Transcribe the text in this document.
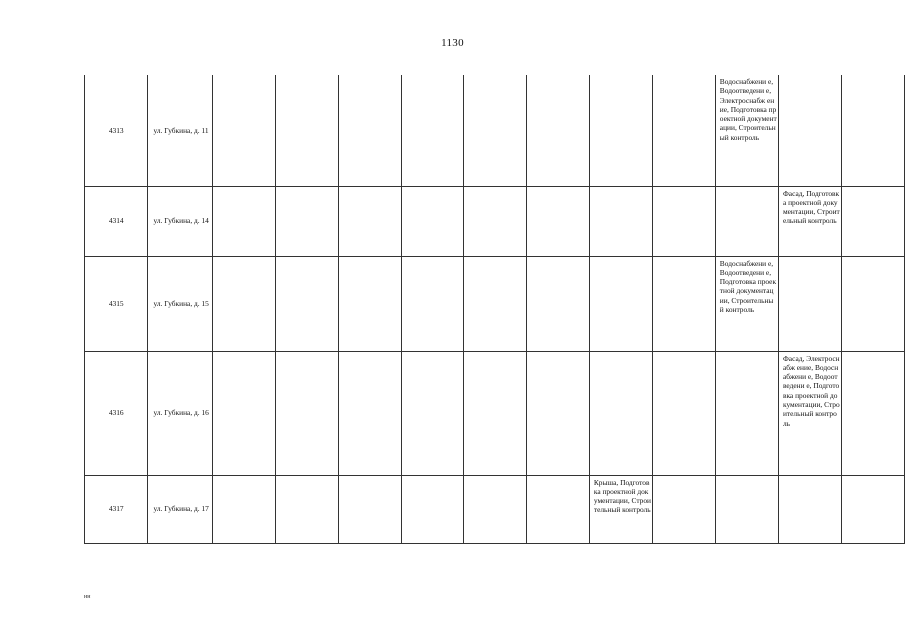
1130
4313	ул. Губкина, д. 11									Водоснабжени е, Водоотведени е, Электроснабж ение, Подготовка проектной документации, Строительный контроль		
4314	ул. Губкина, д. 14										Фасад, Подготовка проектной документации, Строительный контроль	
4315	ул. Губкина, д. 15									Водоснабжени е, Водоотведени е, Подготовка проектной документации, Строительный контроль		
4316	ул. Губкина, д. 16										Фасад, Электроснабж ение, Водоснабжени е, Водоотведени е, Подготовка проектной документации, Строительный контроль	
4317	ул. Губкина, д. 17							Крыша, Подготовка проектной документации, Строительный контроль				
нн
